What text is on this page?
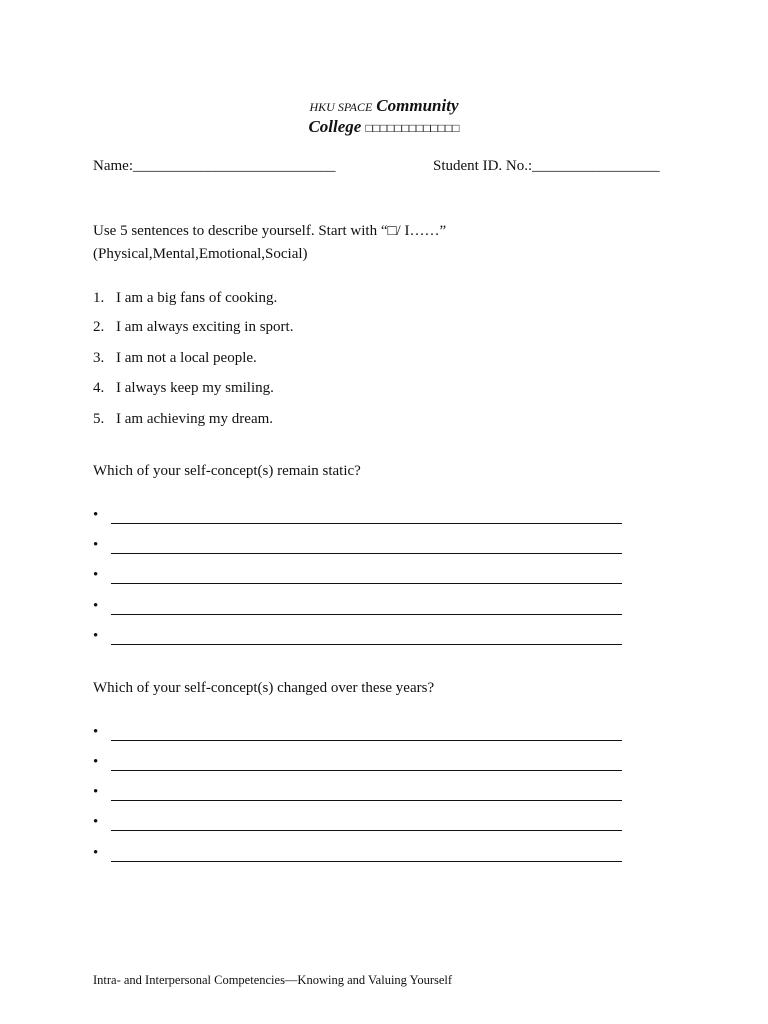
HKU SPACE Community
College □□□□□□□□□□□□□
Name:___________________________	Student ID. No.:_________________
Use 5 sentences to describe yourself. Start with “□/ I……”
(Physical,Mental,Emotional,Social)
1. I am a big fans of cooking.
2. I am always exciting in sport.
3. I am not a local people.
4. I always keep my smiling.
5. I am achieving my dream.
Which of your self-concept(s) remain static?
•
•
•
•
•
Which of your self-concept(s) changed over these years?
•
•
•
•
•
Intra- and Interpersonal Competencies—Knowing and Valuing Yourself
